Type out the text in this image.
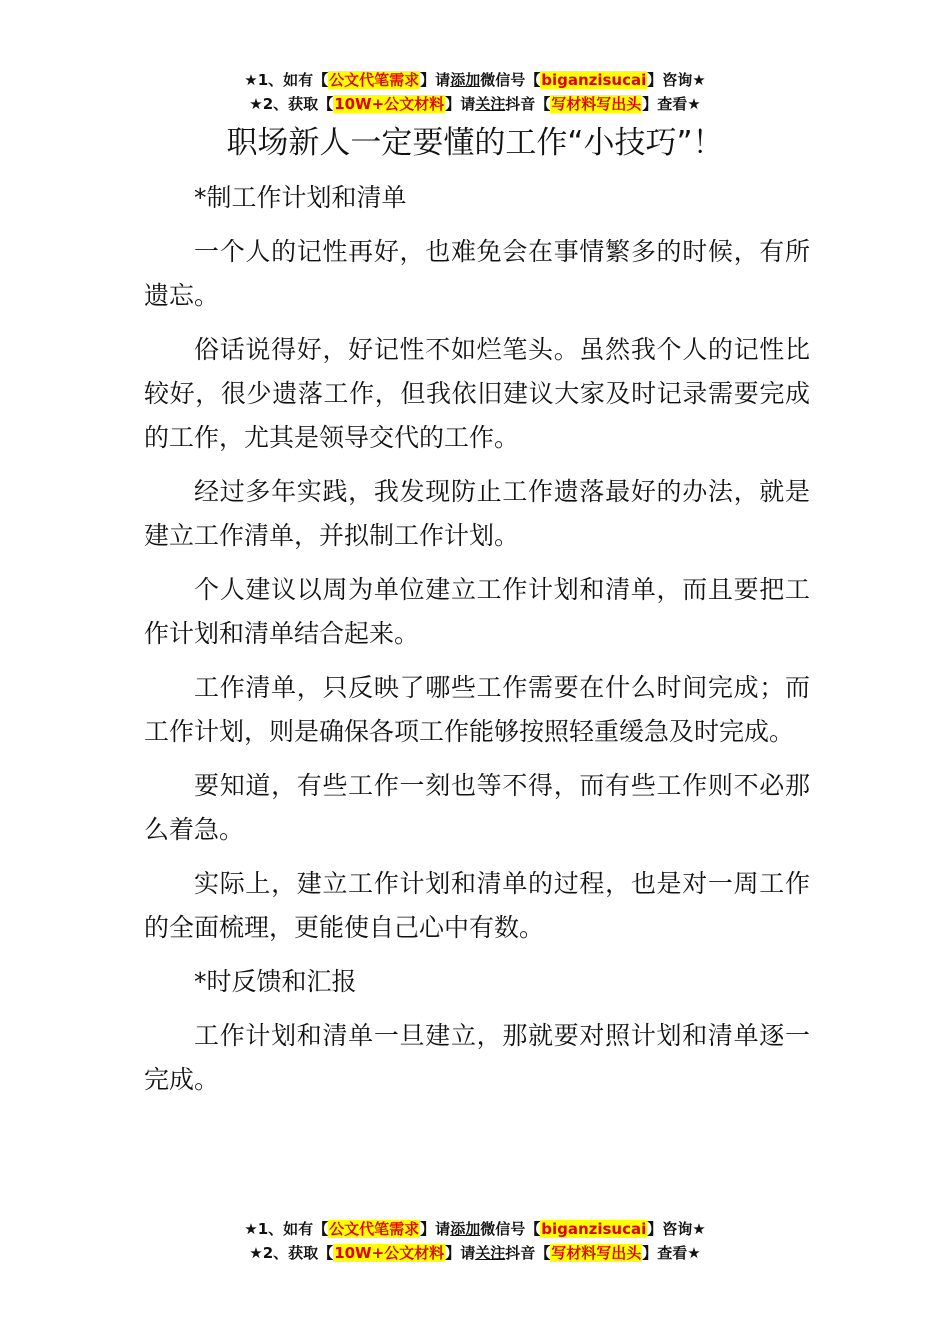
★1、如有【公文代笔需求】请添加微信号【biganzisucai】咨询★
★2、获取【10W+公文材料】请关注抖音【写材料写出头】查看★
职场新人一定要懂的工作“小技巧”！

*制工作计划和清单

一个人的记性再好，也难免会在事情繁多的时候，有所遗忘。

俗话说得好，好记性不如烂笔头。虽然我个人的记性比较好，很少遗落工作，但我依旧建议大家及时记录需要完成的工作，尤其是领导交代的工作。

经过多年实践，我发现防止工作遗落最好的办法，就是建立工作清单，并拟制工作计划。

个人建议以周为单位建立工作计划和清单，而且要把工作计划和清单结合起来。

工作清单，只反映了哪些工作需要在什么时间完成；而工作计划，则是确保各项工作能够按照轻重缓急及时完成。

要知道，有些工作一刻也等不得，而有些工作则不必那么着急。

实际上，建立工作计划和清单的过程，也是对一周工作的全面梳理，更能使自己心中有数。

*时反馈和汇报

工作计划和清单一旦建立，那就要对照计划和清单逐一完成。

★1、如有【公文代笔需求】请添加微信号【biganzisucai】咨询★
★2、获取【10W+公文材料】请关注抖音【写材料写出头】查看★
